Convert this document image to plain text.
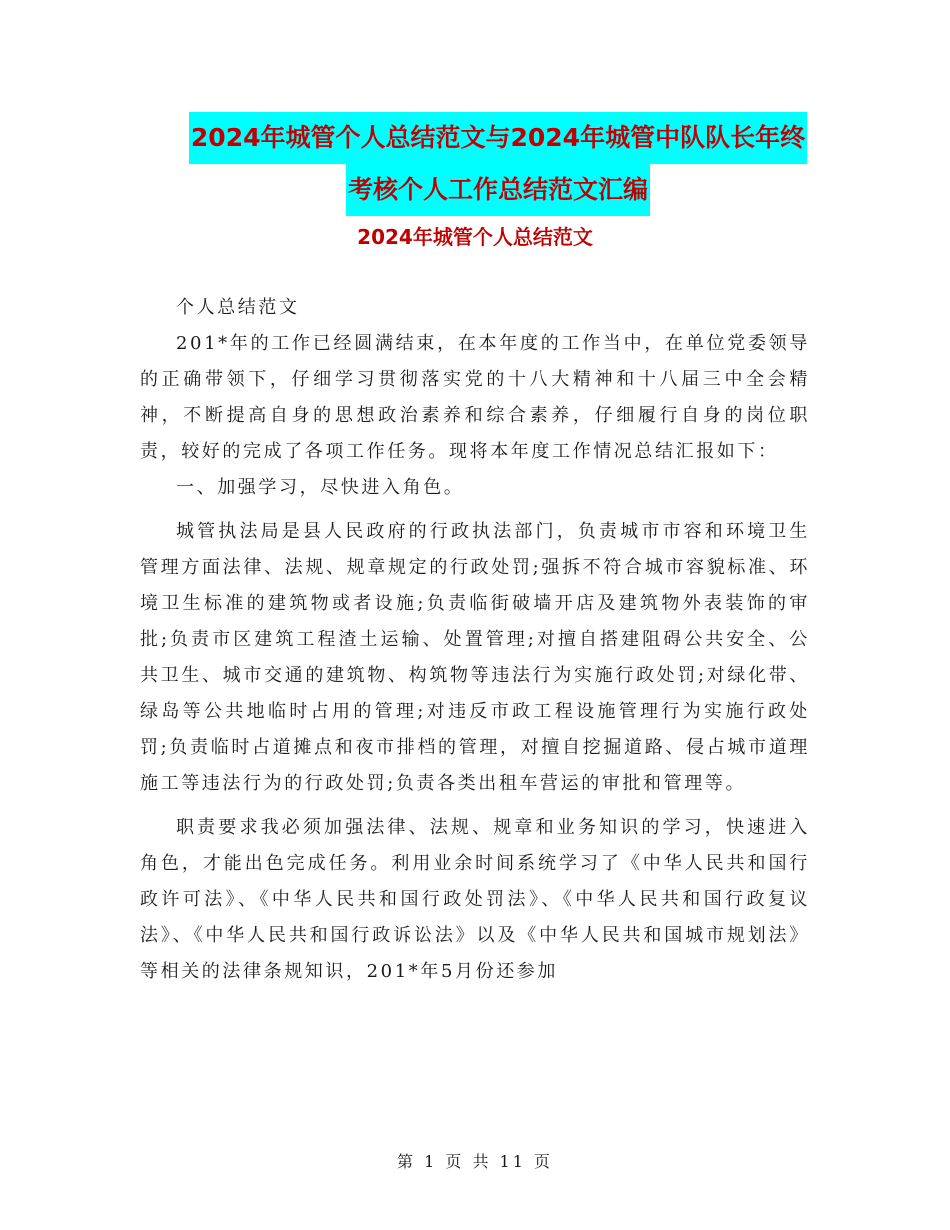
2024年城管个人总结范文与2024年城管中队队长年终
考核个人工作总结范文汇编
2024年城管个人总结范文

个人总结范文

201*年的工作已经圆满结束，在本年度的工作当中，在单位党委领导的正确带领下，仔细学习贯彻落实党的十八大精神和十八届三中全会精神，不断提高自身的思想政治素养和综合素养，仔细履行自身的岗位职责，较好的完成了各项工作任务。现将本年度工作情况总结汇报如下：

一、加强学习，尽快进入角色。

城管执法局是县人民政府的行政执法部门，负责城市市容和环境卫生管理方面法律、法规、规章规定的行政处罚;强拆不符合城市容貌标准、环境卫生标准的建筑物或者设施;负责临街破墙开店及建筑物外表装饰的审批;负责市区建筑工程渣土运输、处置管理;对擅自搭建阻碍公共安全、公共卫生、城市交通的建筑物、构筑物等违法行为实施行政处罚;对绿化带、绿岛等公共地临时占用的管理;对违反市政工程设施管理行为实施行政处罚;负责临时占道摊点和夜市排档的管理，对擅自挖掘道路、侵占城市道理施工等违法行为的行政处罚;负责各类出租车营运的审批和管理等。

职责要求我必须加强法律、法规、规章和业务知识的学习，快速进入角色，才能出色完成任务。利用业余时间系统学习了《中华人民共和国行政许可法》、《中华人民共和国行政处罚法》、《中华人民共和国行政复议法》、《中华人民共和国行政诉讼法》以及《中华人民共和国城市规划法》等相关的法律条规知识，201*年5月份还参加

第 1 页 共 11 页
